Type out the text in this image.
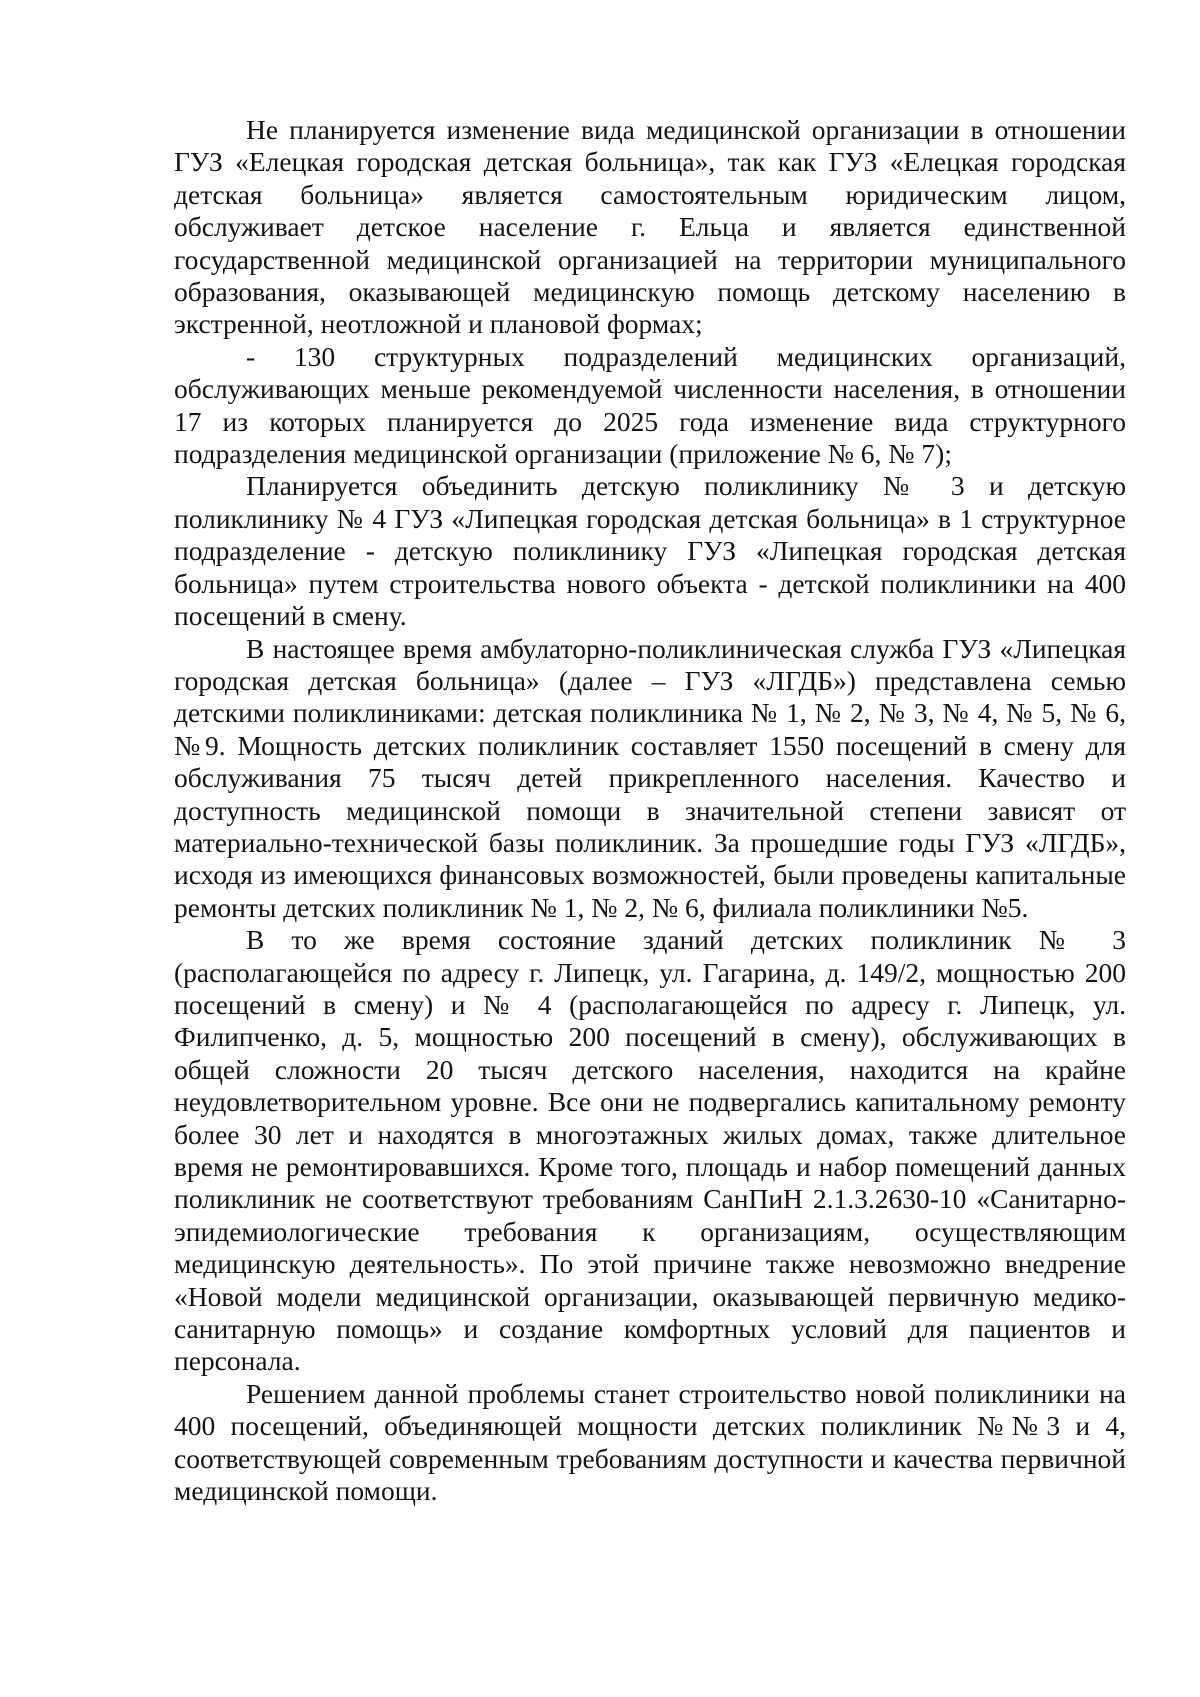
Не планируется изменение вида медицинской организации в отношении ГУЗ «Елецкая городская детская больница», так как ГУЗ «Елецкая городская детская больница» является самостоятельным юридическим лицом, обслуживает детское население г. Ельца и является единственной государственной медицинской организацией на территории муниципального образования, оказывающей медицинскую помощь детскому населению в экстренной, неотложной и плановой формах;

- 130 структурных подразделений медицинских организаций, обслуживающих меньше рекомендуемой численности населения, в отношении 17 из которых планируется до 2025 года изменение вида структурного подразделения медицинской организации (приложение № 6, № 7);

Планируется объединить детскую поликлинику № 3 и детскую поликлинику № 4 ГУЗ «Липецкая городская детская больница» в 1 структурное подразделение - детскую поликлинику ГУЗ «Липецкая городская детская больница» путем строительства нового объекта - детской поликлиники на 400 посещений в смену.

В настоящее время амбулаторно-поликлиническая служба ГУЗ «Липецкая городская детская больница» (далее – ГУЗ «ЛГДБ») представлена семью детскими поликлиниками: детская поликлиника № 1, № 2, № 3, № 4, № 5, № 6, №9. Мощность детских поликлиник составляет 1550 посещений в смену для обслуживания 75 тысяч детей прикрепленного населения. Качество и доступность медицинской помощи в значительной степени зависят от материально-технической базы поликлиник. За прошедшие годы ГУЗ «ЛГДБ», исходя из имеющихся финансовых возможностей, были проведены капитальные ремонты детских поликлиник № 1, № 2, № 6, филиала поликлиники №5.

В то же время состояние зданий детских поликлиник № 3 (располагающейся по адресу г. Липецк, ул. Гагарина, д. 149/2, мощностью 200 посещений в смену) и № 4 (располагающейся по адресу г. Липецк, ул. Филипченко, д. 5, мощностью 200 посещений в смену), обслуживающих в общей сложности 20 тысяч детского населения, находится на крайне неудовлетворительном уровне. Все они не подвергались капитальному ремонту более 30 лет и находятся в многоэтажных жилых домах, также длительное время не ремонтировавшихся. Кроме того, площадь и набор помещений данных поликлиник не соответствуют требованиям СанПиН 2.1.3.2630-10 «Санитарно-эпидемиологические требования к организациям, осуществляющим медицинскую деятельность». По этой причине также невозможно внедрение «Новой модели медицинской организации, оказывающей первичную медико-санитарную помощь» и создание комфортных условий для пациентов и персонала.

Решением данной проблемы станет строительство новой поликлиники на 400 посещений, объединяющей мощности детских поликлиник №№3 и 4, соответствующей современным требованиям доступности и качества первичной медицинской помощи.
